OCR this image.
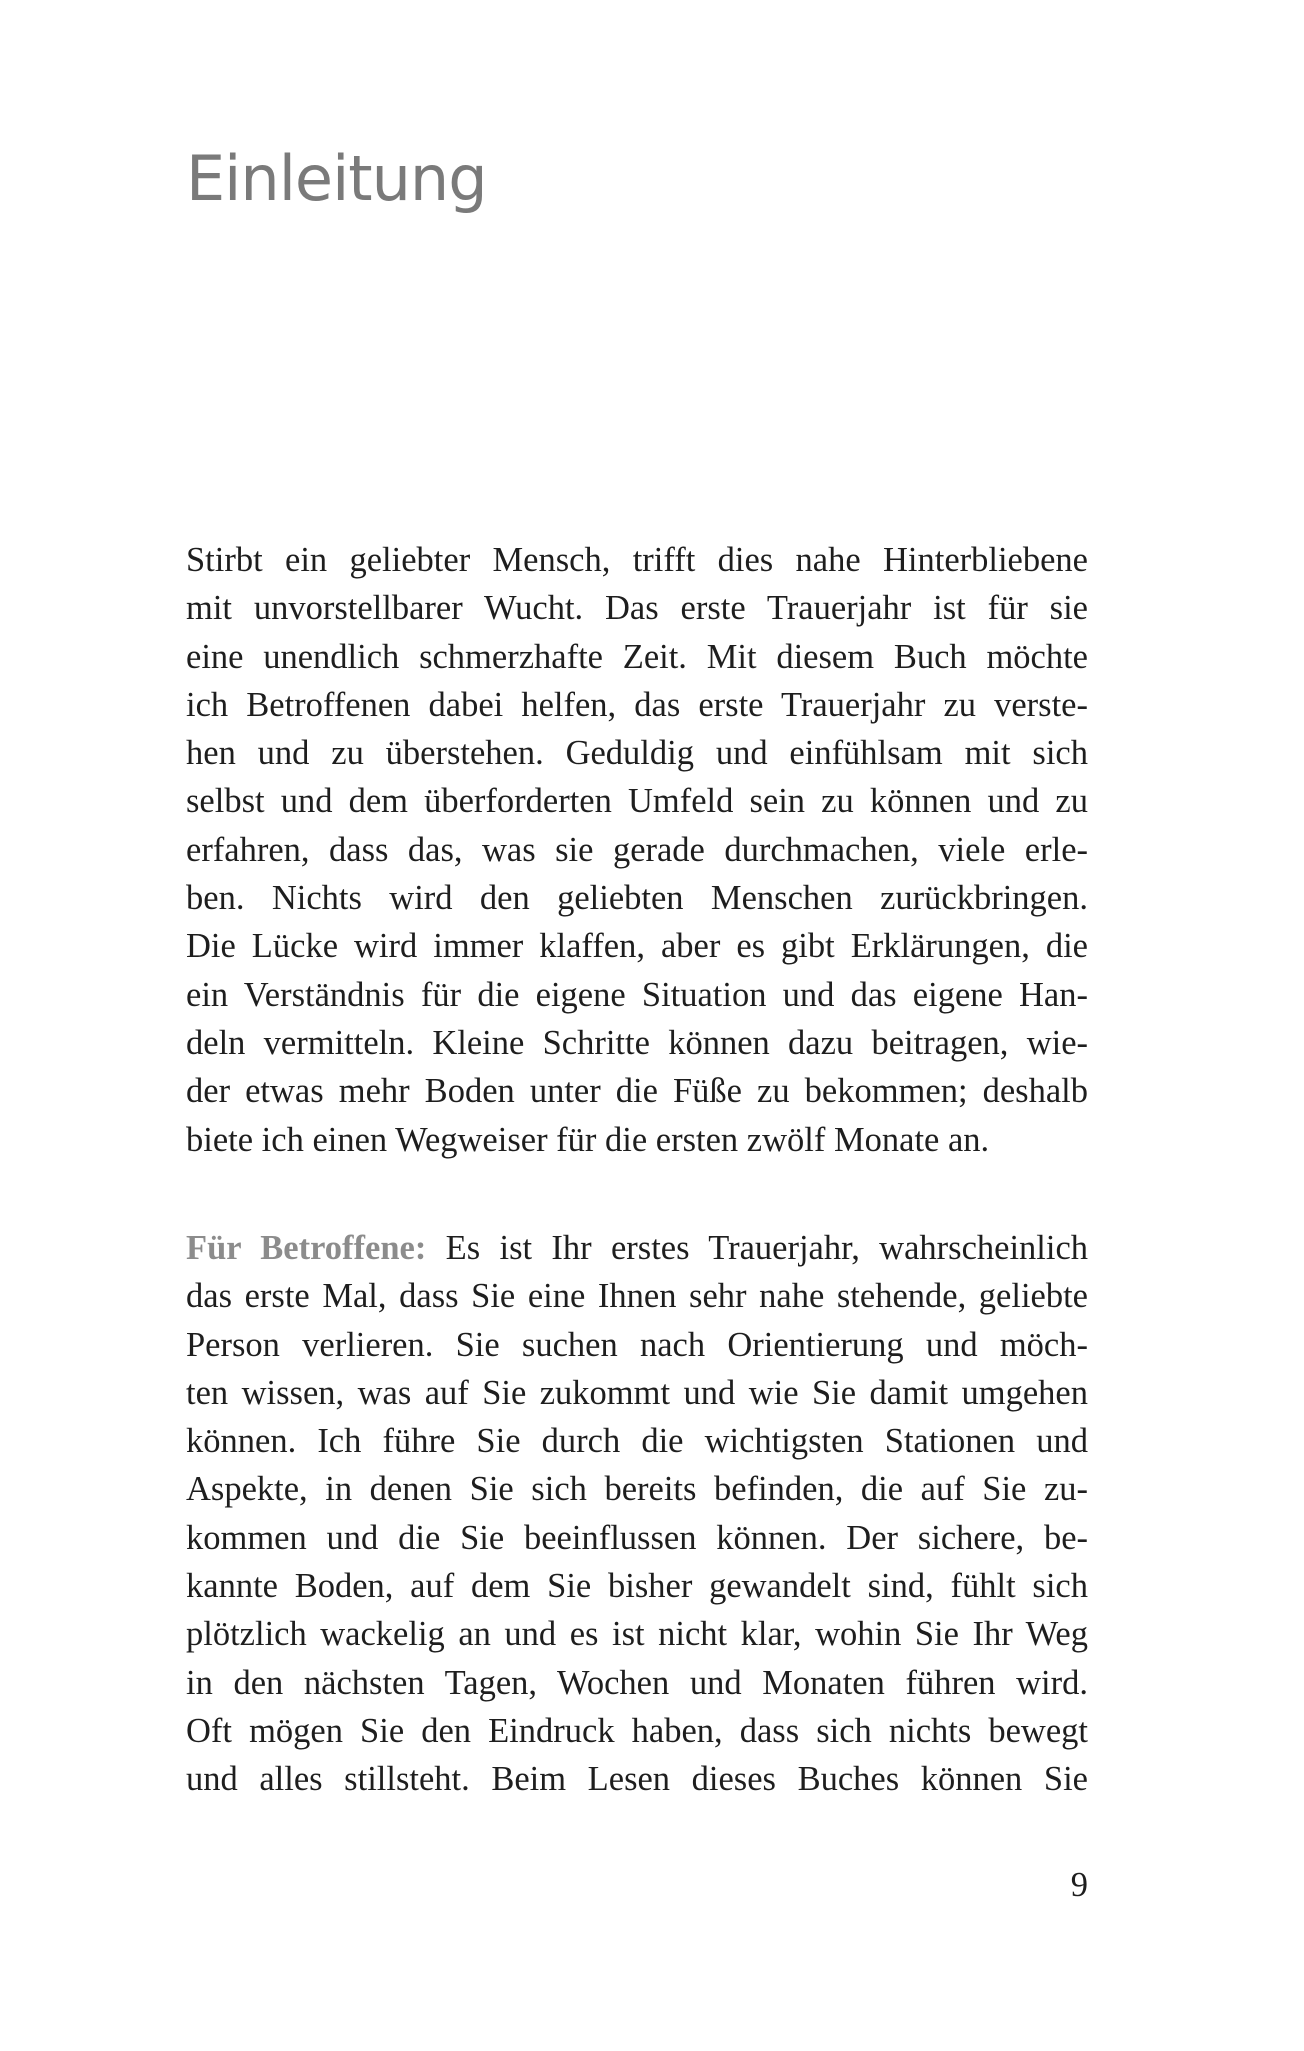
Einleitung
Stirbt ein geliebter Mensch, trifft dies nahe Hinterbliebene
mit unvorstellbarer Wucht. Das erste Trauerjahr ist für sie
eine unendlich schmerzhafte Zeit. Mit diesem Buch möchte
ich Betroffenen dabei helfen, das erste Trauerjahr zu verste-
hen und zu überstehen. Geduldig und einfühlsam mit sich
selbst und dem überforderten Umfeld sein zu können und zu
erfahren, dass das, was sie gerade durchmachen, viele erle-
ben. Nichts wird den geliebten Menschen zurückbringen.
Die Lücke wird immer klaffen, aber es gibt Erklärungen, die
ein Verständnis für die eigene Situation und das eigene Han-
deln vermitteln. Kleine Schritte können dazu beitragen, wie-
der etwas mehr Boden unter die Füße zu bekommen; deshalb
biete ich einen Wegweiser für die ersten zwölf Monate an.
Für Betroffene: Es ist Ihr erstes Trauerjahr, wahrscheinlich
das erste Mal, dass Sie eine Ihnen sehr nahe stehende, geliebte
Person verlieren. Sie suchen nach Orientierung und möch-
ten wissen, was auf Sie zukommt und wie Sie damit umgehen
können. Ich führe Sie durch die wichtigsten Stationen und
Aspekte, in denen Sie sich bereits befinden, die auf Sie zu-
kommen und die Sie beeinflussen können. Der sichere, be-
kannte Boden, auf dem Sie bisher gewandelt sind, fühlt sich
plötzlich wackelig an und es ist nicht klar, wohin Sie Ihr Weg
in den nächsten Tagen, Wochen und Monaten führen wird.
Oft mögen Sie den Eindruck haben, dass sich nichts bewegt
und alles stillsteht. Beim Lesen dieses Buches können Sie
9
